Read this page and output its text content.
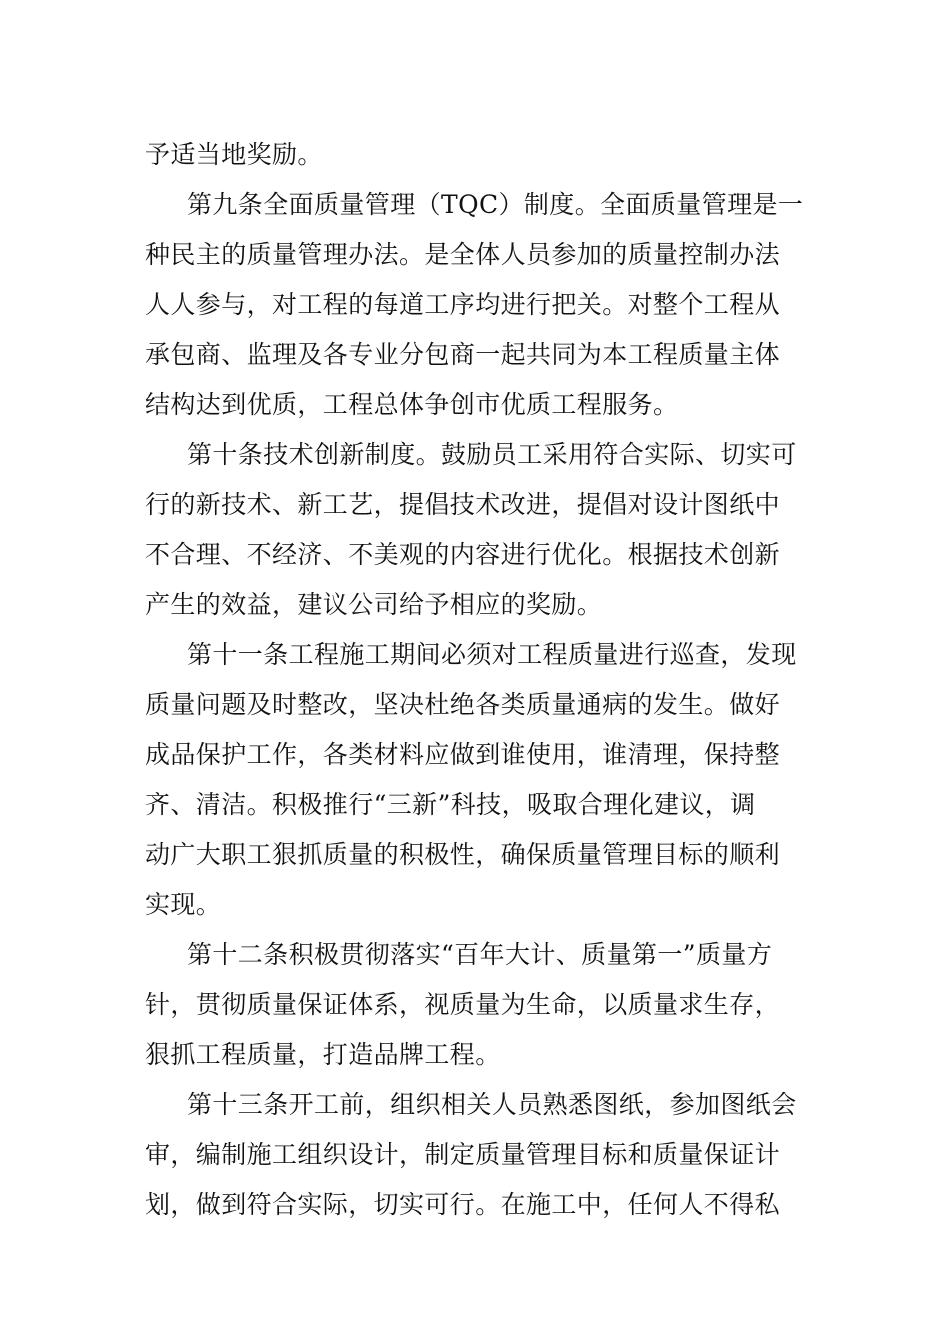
予适当地奖励。
第九条全面质量管理（TQC）制度。全面质量管理是一
种民主的质量管理办法。是全体人员参加的质量控制办法
人人参与，对工程的每道工序均进行把关。对整个工程从
承包商、监理及各专业分包商一起共同为本工程质量主体
结构达到优质，工程总体争创市优质工程服务。
第十条技术创新制度。鼓励员工采用符合实际、切实可
行的新技术、新工艺，提倡技术改进，提倡对设计图纸中
不合理、不经济、不美观的内容进行优化。根据技术创新
产生的效益，建议公司给予相应的奖励。
第十一条工程施工期间必须对工程质量进行巡查，发现
质量问题及时整改，坚决杜绝各类质量通病的发生。做好
成品保护工作，各类材料应做到谁使用，谁清理，保持整
齐、清洁。积极推行“三新”科技，吸取合理化建议，调
动广大职工狠抓质量的积极性，确保质量管理目标的顺利
实现。
第十二条积极贯彻落实“百年大计、质量第一”质量方
针，贯彻质量保证体系，视质量为生命，以质量求生存，
狠抓工程质量，打造品牌工程。
第十三条开工前，组织相关人员熟悉图纸，参加图纸会
审，编制施工组织设计，制定质量管理目标和质量保证计
划，做到符合实际，切实可行。在施工中，任何人不得私
